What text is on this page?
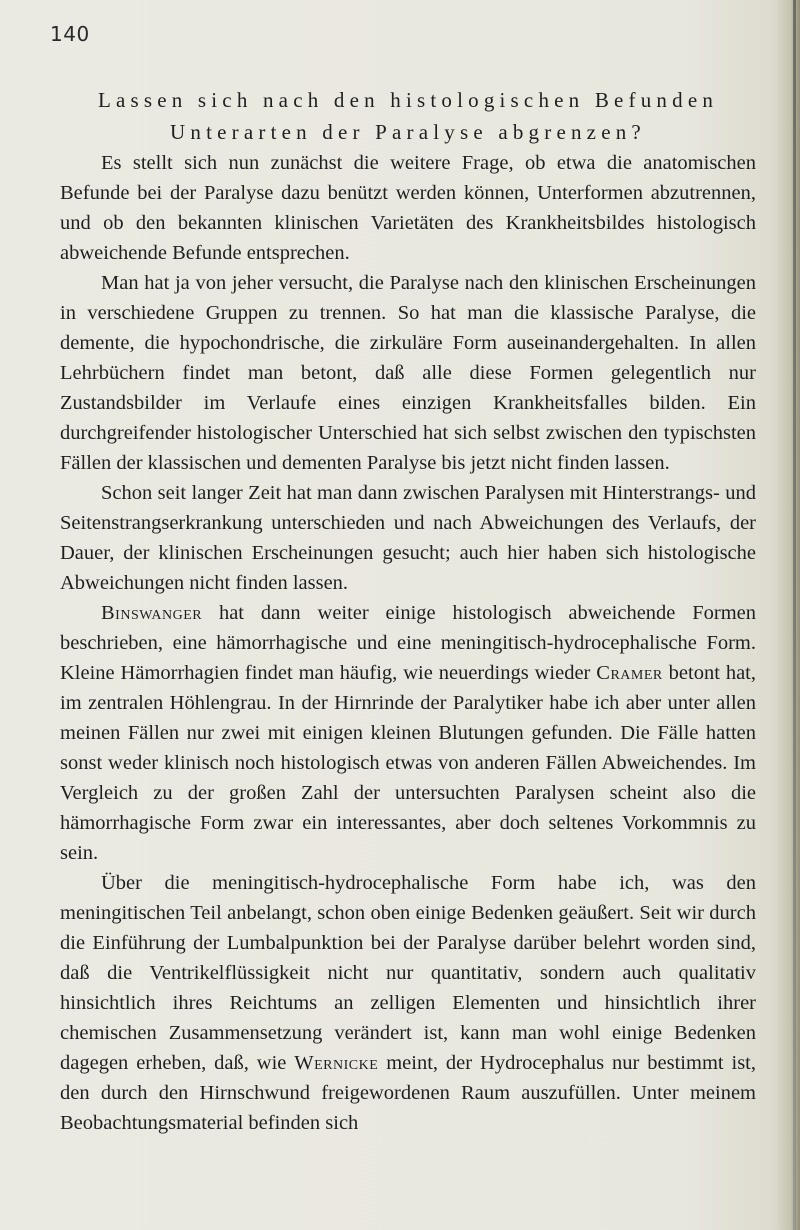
140
Lassen sich nach den histologischen Befunden
Unterarten der Paralyse abgrenzen?

Es stellt sich nun zunächst die weitere Frage, ob etwa die anatomischen Befunde bei der Paralyse dazu benützt werden können, Unterformen abzutrennen, und ob den bekannten klinischen Varietäten des Krankheitsbildes histologisch abweichende Befunde entsprechen.

Man hat ja von jeher versucht, die Paralyse nach den klinischen Erscheinungen in verschiedene Gruppen zu trennen. So hat man die klassische Paralyse, die demente, die hypochondrische, die zirkuläre Form auseinandergehalten. In allen Lehrbüchern findet man betont, daß alle diese Formen gelegentlich nur Zustandsbilder im Verlaufe eines einzigen Krankheitsfalles bilden. Ein durchgreifender histologischer Unterschied hat sich selbst zwischen den typischsten Fällen der klassischen und dementen Paralyse bis jetzt nicht finden lassen.

Schon seit langer Zeit hat man dann zwischen Paralysen mit Hinterstrangs- und Seitenstrangserkrankung unterschieden und nach Abweichungen des Verlaufs, der Dauer, der klinischen Erscheinungen gesucht; auch hier haben sich histologische Abweichungen nicht finden lassen.

Binswanger hat dann weiter einige histologisch abweichende Formen beschrieben, eine hämorrhagische und eine meningitisch-hydrocephalische Form. Kleine Hämorrhagien findet man häufig, wie neuerdings wieder Cramer betont hat, im zentralen Höhlengrau. In der Hirnrinde der Paralytiker habe ich aber unter allen meinen Fällen nur zwei mit einigen kleinen Blutungen gefunden. Die Fälle hatten sonst weder klinisch noch histologisch etwas von anderen Fällen Abweichendes. Im Vergleich zu der großen Zahl der untersuchten Paralysen scheint also die hämorrhagische Form zwar ein interessantes, aber doch seltenes Vorkommnis zu sein.

Über die meningitisch-hydrocephalische Form habe ich, was den meningitischen Teil anbelangt, schon oben einige Bedenken geäußert. Seit wir durch die Einführung der Lumbalpunktion bei der Paralyse darüber belehrt worden sind, daß die Ventrikelflüssigkeit nicht nur quantitativ, sondern auch qualitativ hinsichtlich ihres Reichtums an zelligen Elementen und hinsichtlich ihrer chemischen Zusammensetzung verändert ist, kann man wohl einige Bedenken dagegen erheben, daß, wie Wernicke meint, der Hydrocephalus nur bestimmt ist, den durch den Hirnschwund freigewordenen Raum auszufüllen. Unter meinem Beobachtungsmaterial befinden sich
